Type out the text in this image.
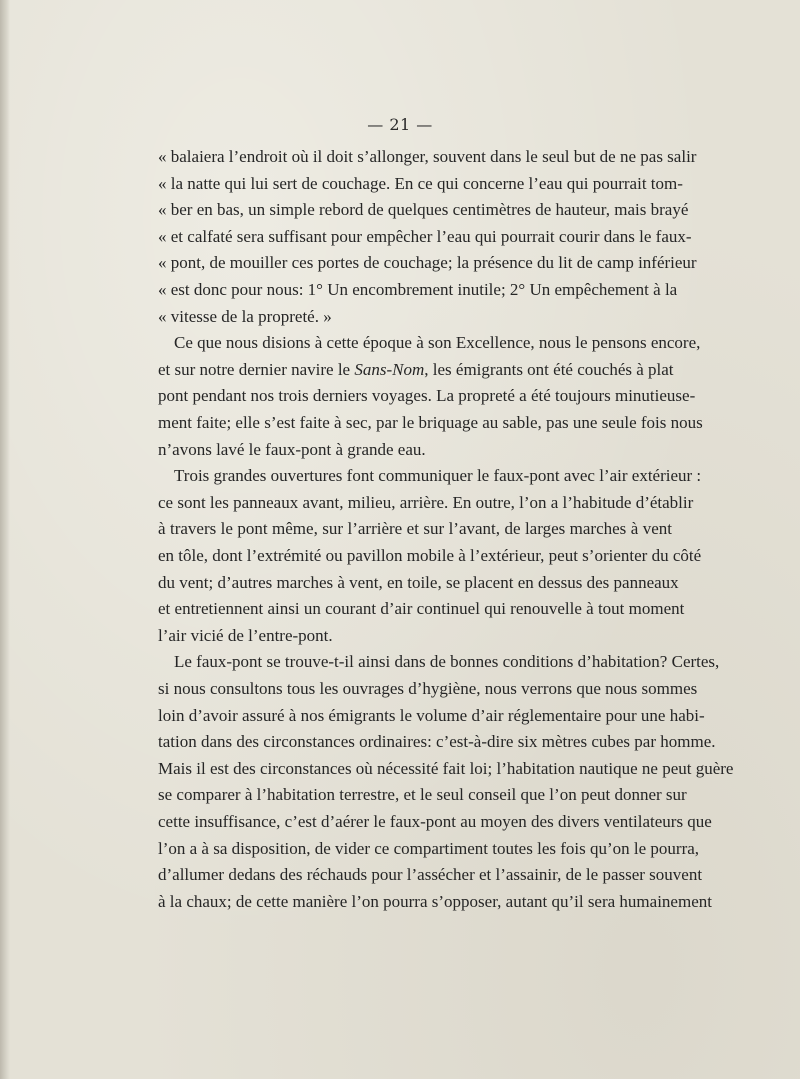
— 21 —
« balaiera l’endroit où il doit s’allonger, souvent dans le seul but de ne pas salir
« la natte qui lui sert de couchage. En ce qui concerne l’eau qui pourrait tom-
« ber en bas, un simple rebord de quelques centimètres de hauteur, mais brayé
« et calfaté sera suffisant pour empêcher l’eau qui pourrait courir dans le faux-
« pont, de mouiller ces portes de couchage; la présence du lit de camp inférieur
« est donc pour nous: 1° Un encombrement inutile; 2° Un empêchement à la
« vitesse de la propreté. »
Ce que nous disions à cette époque à son Excellence, nous le pensons encore,
et sur notre dernier navire le Sans-Nom, les émigrants ont été couchés à plat
pont pendant nos trois derniers voyages. La propreté a été toujours minutieuse-
ment faite; elle s’est faite à sec, par le briquage au sable, pas une seule fois nous
n’avons lavé le faux-pont à grande eau.
Trois grandes ouvertures font communiquer le faux-pont avec l’air extérieur :
ce sont les panneaux avant, milieu, arrière. En outre, l’on a l’habitude d’établir
à travers le pont même, sur l’arrière et sur l’avant, de larges marches à vent
en tôle, dont l’extrémité ou pavillon mobile à l’extérieur, peut s’orienter du côté
du vent; d’autres marches à vent, en toile, se placent en dessus des panneaux
et entretiennent ainsi un courant d’air continuel qui renouvelle à tout moment
l’air vicié de l’entre-pont.
Le faux-pont se trouve-t-il ainsi dans de bonnes conditions d’habitation? Certes,
si nous consultons tous les ouvrages d’hygiène, nous verrons que nous sommes
loin d’avoir assuré à nos émigrants le volume d’air réglementaire pour une habi-
tation dans des circonstances ordinaires: c’est-à-dire six mètres cubes par homme.
Mais il est des circonstances où nécessité fait loi; l’habitation nautique ne peut guère
se comparer à l’habitation terrestre, et le seul conseil que l’on peut donner sur
cette insuffisance, c’est d’aérer le faux-pont au moyen des divers ventilateurs que
l’on a à sa disposition, de vider ce compartiment toutes les fois qu’on le pourra,
d’allumer dedans des réchauds pour l’assécher et l’assainir, de le passer souvent
à la chaux; de cette manière l’on pourra s’opposer, autant qu’il sera humainement
